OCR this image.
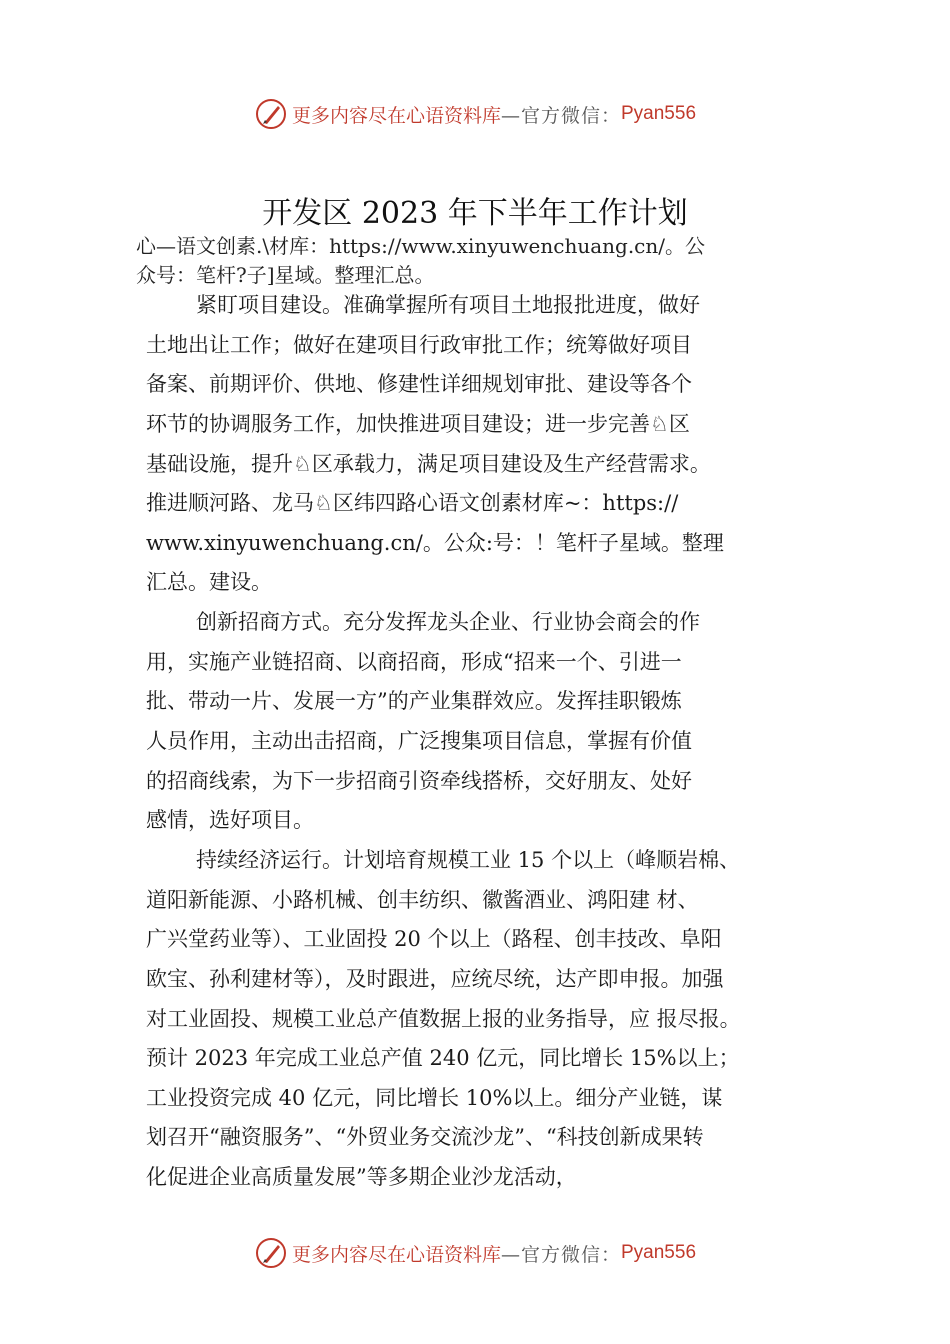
更多内容尽在心语资料库 —官方微信： Pyan556
开发区 2023 年下半年工作计划
心—语文创素.\材库：https://www.xinyuwenchuang.cn/。公
众号：笔杆?子]星域。整理汇总。
紧盯项目建设。准确掌握所有项目土地报批进度，做好
土地出让工作；做好在建项目行政审批工作；统筹做好项目
备案、前期评价、供地、修建性详细规划审批、建设等各个
环节的协调服务工作，加快推进项目建设；进一步完善♘区
基础设施，提升♘区承载力，满足项目建设及生产经营需求。
推进顺河路、龙马♘区纬四路心语文创素材库~：https://
www.xinyuwenchuang.cn/。公众:号：！笔杆子星域。整理
汇总。建设。
创新招商方式。充分发挥龙头企业、行业协会商会的作
用，实施产业链招商、以商招商，形成“招来一个、引进一
批、带动一片、发展一方”的产业集群效应。发挥挂职锻炼
人员作用，主动出击招商，广泛搜集项目信息，掌握有价值
的招商线索，为下一步招商引资牵线搭桥，交好朋友、处好
感情，选好项目。
持续经济运行。计划培育规模工业 15 个以上（峰顺岩棉、
道阳新能源、小路机械、创丰纺织、徽酱酒业、鸿阳建 材、
广兴堂药业等）、工业固投 20 个以上（路程、创丰技改、阜阳
欧宝、孙利建材等），及时跟进，应统尽统，达产即申报。加强
对工业固投、规模工业总产值数据上报的业务指导，应 报尽报。
预计 2023 年完成工业总产值 240 亿元，同比增长 15%以上；
工业投资完成 40 亿元，同比增长 10%以上。细分产业链，谋
划召开“融资服务”、“外贸业务交流沙龙”、“科技创新成果转
化促进企业高质量发展”等多期企业沙龙活动，
更多内容尽在心语资料库 —官方微信： Pyan556
